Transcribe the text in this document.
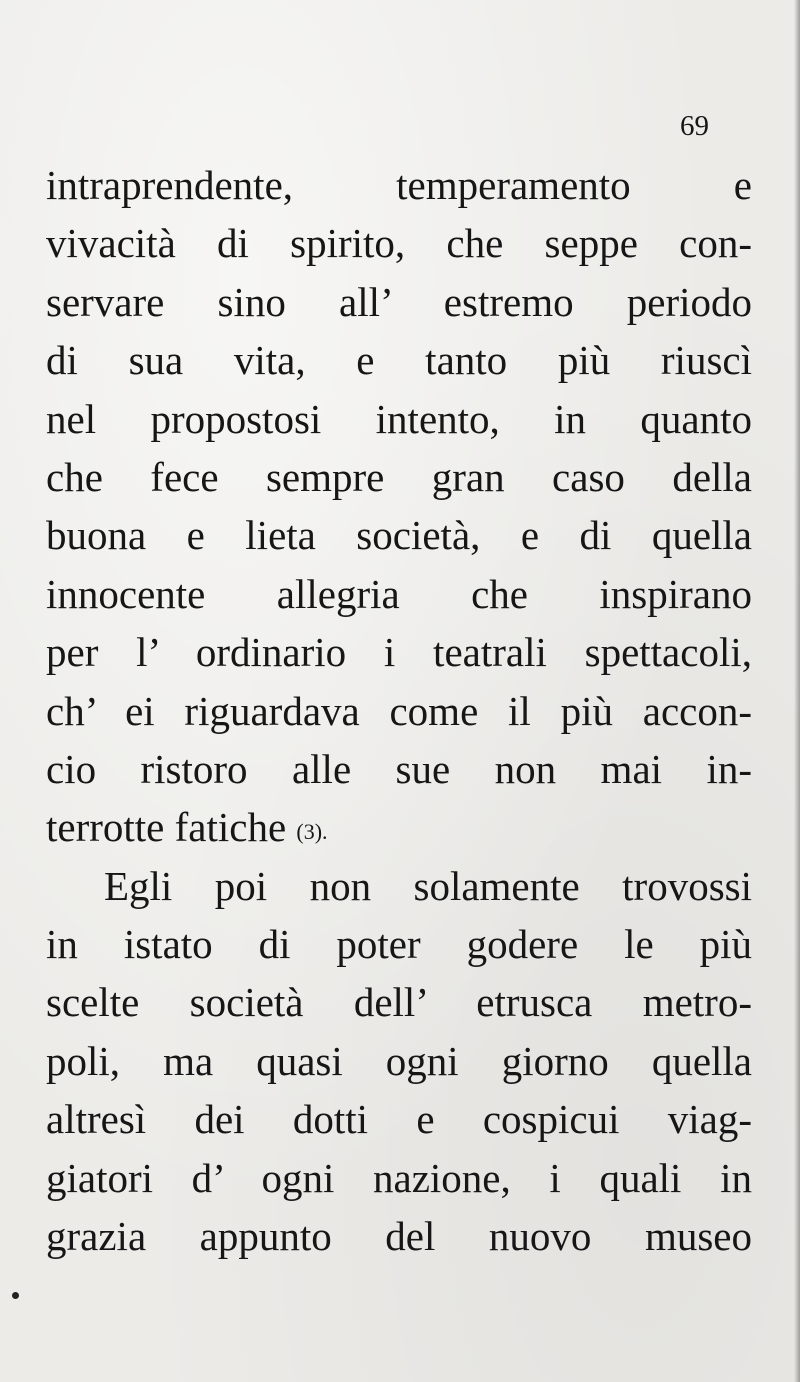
69
intraprendente, temperamento e
vivacità di spirito, che seppe con-
servare sino all’ estremo periodo
di sua vita, e tanto più riuscì
nel propostosi intento, in quanto
che fece sempre gran caso della
buona e lieta società, e di quella
innocente allegria che inspirano
per l’ ordinario i teatrali spettacoli,
ch’ ei riguardava come il più accon-
cio ristoro alle sue non mai in-
terrotte fatiche (3).
Egli poi non solamente trovossi
in istato di poter godere le più
scelte società dell’ etrusca metro-
poli, ma quasi ogni giorno quella
altresì dei dotti e cospicui viag-
giatori d’ ogni nazione, i quali in
grazia appunto del nuovo museo
